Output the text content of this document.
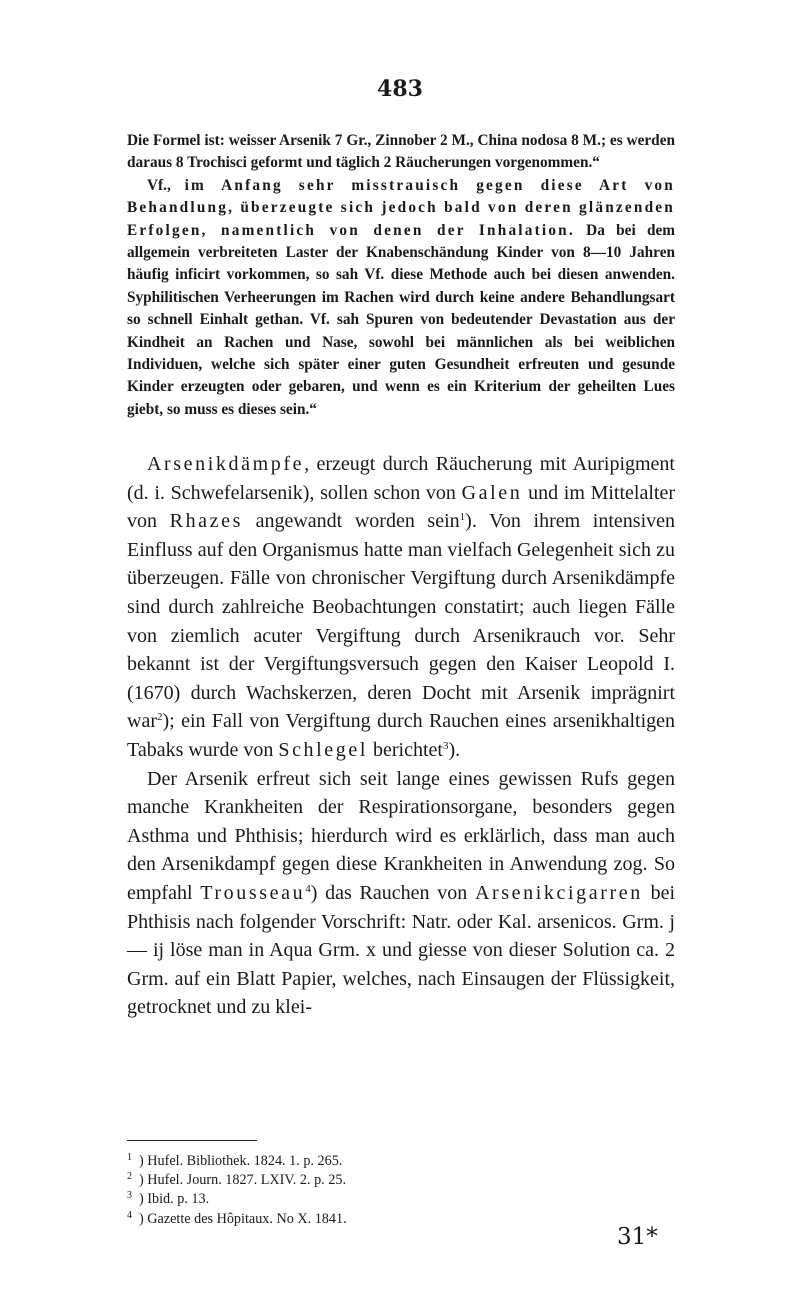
483

Die Formel ist: weisser Arsenik 7 Gr., Zinnober 2 M., China nodosa 8 M.; es werden daraus 8 Trochisci geformt und täglich 2 Räucherungen vorgenommen.“

Vf., im Anfang sehr misstrauisch gegen diese Art von Behandlung, überzeugte sich jedoch bald von deren glänzenden Erfolgen, namentlich von denen der Inhalation. Da bei dem allgemein verbreiteten Laster der Knabenschändung Kinder von 8—10 Jahren häufig inficirt vorkommen, so sah Vf. diese Methode auch bei diesen anwenden. Syphilitischen Verheerungen im Rachen wird durch keine andere Behandlungsart so schnell Einhalt gethan. Vf. sah Spuren von bedeutender Devastation aus der Kindheit an Rachen und Nase, sowohl bei männlichen als bei weiblichen Individuen, welche sich später einer guten Gesundheit erfreuten und gesunde Kinder erzeugten oder gebaren, und wenn es ein Kriterium der geheilten Lues giebt, so muss es dieses sein.“

Arsenikdämpfe, erzeugt durch Räucherung mit Auripigment (d. i. Schwefelarsenik), sollen schon von Galen und im Mittelalter von Rhazes angewandt worden sein$^1$). Von ihrem intensiven Einfluss auf den Organismus hatte man vielfach Gelegenheit sich zu überzeugen. Fälle von chronischer Vergiftung durch Arsenikdämpfe sind durch zahlreiche Beobachtungen constatirt; auch liegen Fälle von ziemlich acuter Vergiftung durch Arsenikrauch vor. Sehr bekannt ist der Vergiftungsversuch gegen den Kaiser Leopold I. (1670) durch Wachskerzen, deren Docht mit Arsenik imprägnirt war$^2$); ein Fall von Vergiftung durch Rauchen eines arsenikhaltigen Tabaks wurde von Schlegel berichtet$^3$).

Der Arsenik erfreut sich seit lange eines gewissen Rufs gegen manche Krankheiten der Respirationsorgane, besonders gegen Asthma und Phthisis; hierdurch wird es erklärlich, dass man auch den Arsenikdampf gegen diese Krankheiten in Anwendung zog. So empfahl Trousseau$^4$) das Rauchen von Arsenikcigarren bei Phthisis nach folgender Vorschrift: Natr. oder Kal. arsenicos. Grm. j — ij löse man in Aqua Grm. x und giesse von dieser Solution ca. 2 Grm. auf ein Blatt Papier, welches, nach Einsaugen der Flüssigkeit, getrocknet und zu klei-

1 ) Hufel. Bibliothek. 1824. 1. p. 265.
2 ) Hufel. Journ. 1827. LXIV. 2. p. 25.
3 ) Ibid. p. 13.
4 ) Gazette des Hôpitaux. No X. 1841.
31*
